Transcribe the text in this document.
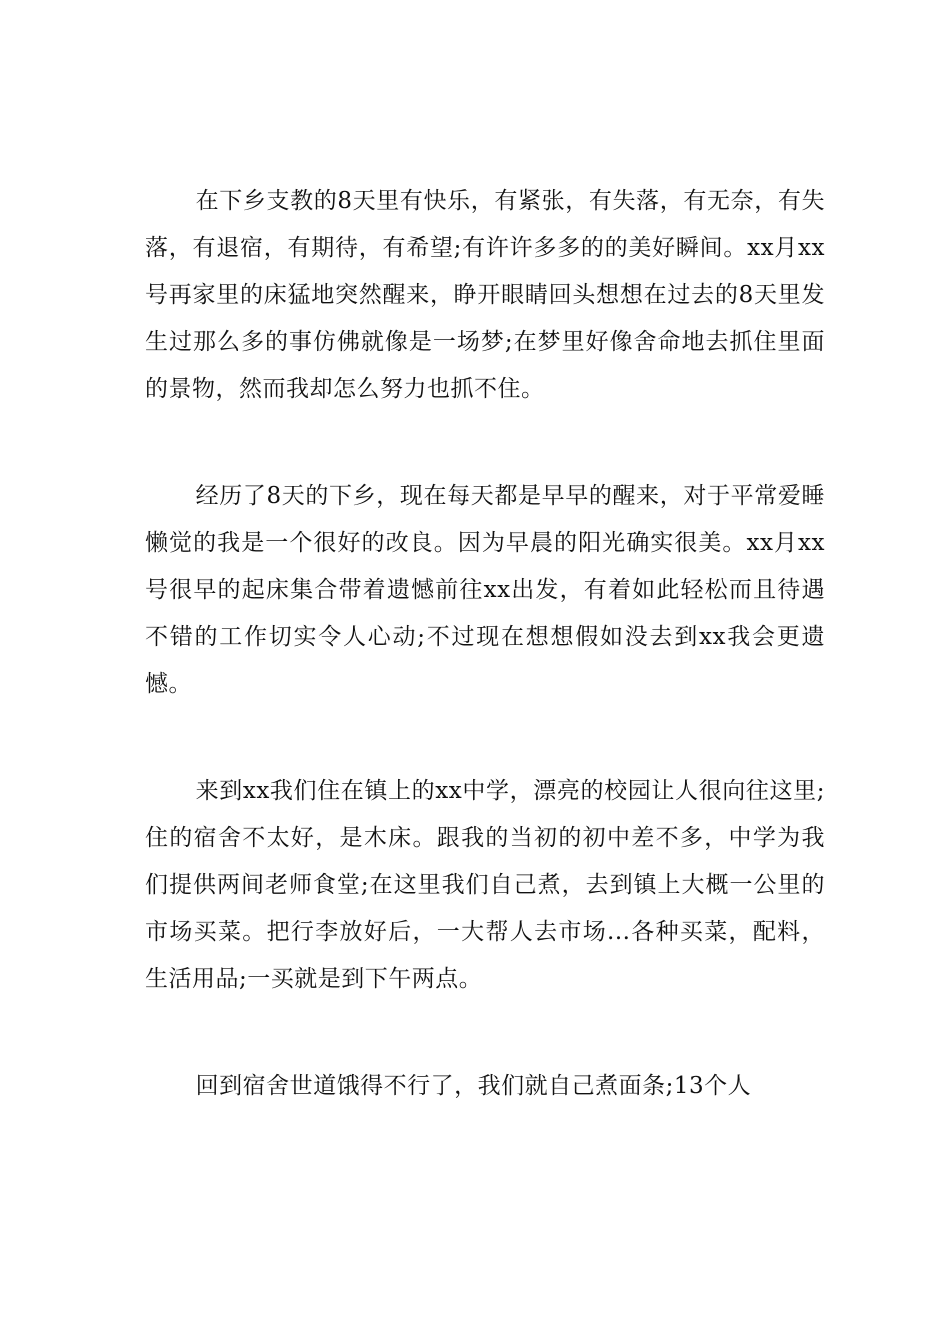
在下乡支教的8天里有快乐，有紧张，有失落，有无奈，有失落，有退宿，有期待，有希望;有许许多多的的美好瞬间。xx月xx号再家里的床猛地突然醒来，睁开眼睛回头想想在过去的8天里发生过那么多的事仿佛就像是一场梦;在梦里好像舍命地去抓住里面的景物，然而我却怎么努力也抓不住。

经历了8天的下乡，现在每天都是早早的醒来，对于平常爱睡懒觉的我是一个很好的改良。因为早晨的阳光确实很美。xx月xx号很早的起床集合带着遗憾前往xx出发，有着如此轻松而且待遇不错的工作切实令人心动;不过现在想想假如没去到xx我会更遗憾。

来到xx我们住在镇上的xx中学，漂亮的校园让人很向往这里;住的宿舍不太好，是木床。跟我的当初的初中差不多，中学为我们提供两间老师食堂;在这里我们自己煮，去到镇上大概一公里的市场买菜。把行李放好后，一大帮人去市场...各种买菜，配料，生活用品;一买就是到下午两点。

回到宿舍世道饿得不行了，我们就自己煮面条;13个人
